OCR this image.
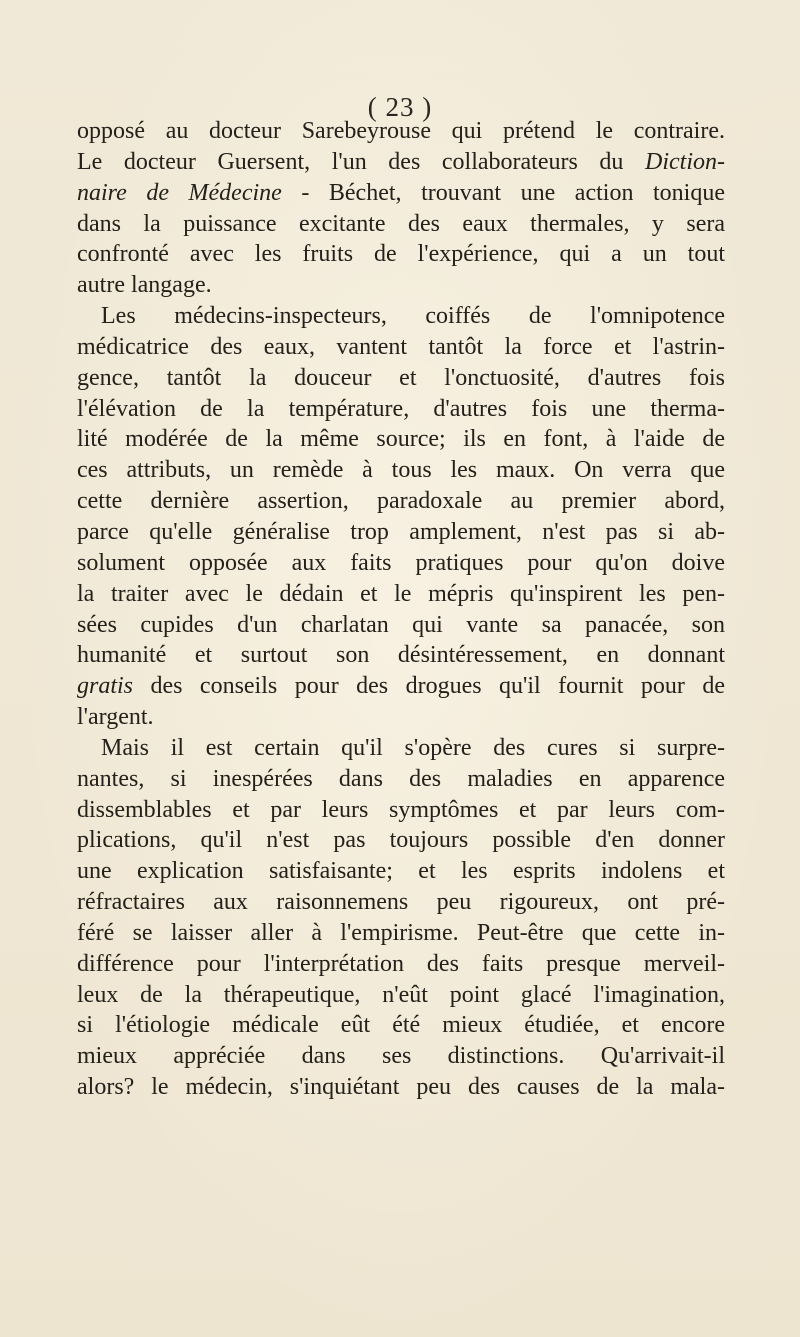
( 23 )
opposé au docteur Sarebeyrouse qui prétend le contraire.
Le docteur Guersent, l'un des collaborateurs du Diction-
naire de Médecine - Béchet, trouvant une action tonique
dans la puissance excitante des eaux thermales, y sera
confronté avec les fruits de l'expérience, qui a un tout
autre langage.
Les médecins-inspecteurs, coiffés de l'omnipotence
médicatrice des eaux, vantent tantôt la force et l'astrin-
gence, tantôt la douceur et l'onctuosité, d'autres fois
l'élévation de la température, d'autres fois une therma-
lité modérée de la même source; ils en font, à l'aide de
ces attributs, un remède à tous les maux. On verra que
cette dernière assertion, paradoxale au premier abord,
parce qu'elle généralise trop amplement, n'est pas si ab-
solument opposée aux faits pratiques pour qu'on doive
la traiter avec le dédain et le mépris qu'inspirent les pen-
sées cupides d'un charlatan qui vante sa panacée, son
humanité et surtout son désintéressement, en donnant
gratis des conseils pour des drogues qu'il fournit pour de
l'argent.
Mais il est certain qu'il s'opère des cures si surpre-
nantes, si inespérées dans des maladies en apparence
dissemblables et par leurs symptômes et par leurs com-
plications, qu'il n'est pas toujours possible d'en donner
une explication satisfaisante; et les esprits indolens et
réfractaires aux raisonnemens peu rigoureux, ont pré-
féré se laisser aller à l'empirisme. Peut-être que cette in-
différence pour l'interprétation des faits presque merveil-
leux de la thérapeutique, n'eût point glacé l'imagination,
si l'étiologie médicale eût été mieux étudiée, et encore
mieux appréciée dans ses distinctions. Qu'arrivait-il
alors? le médecin, s'inquiétant peu des causes de la mala-
